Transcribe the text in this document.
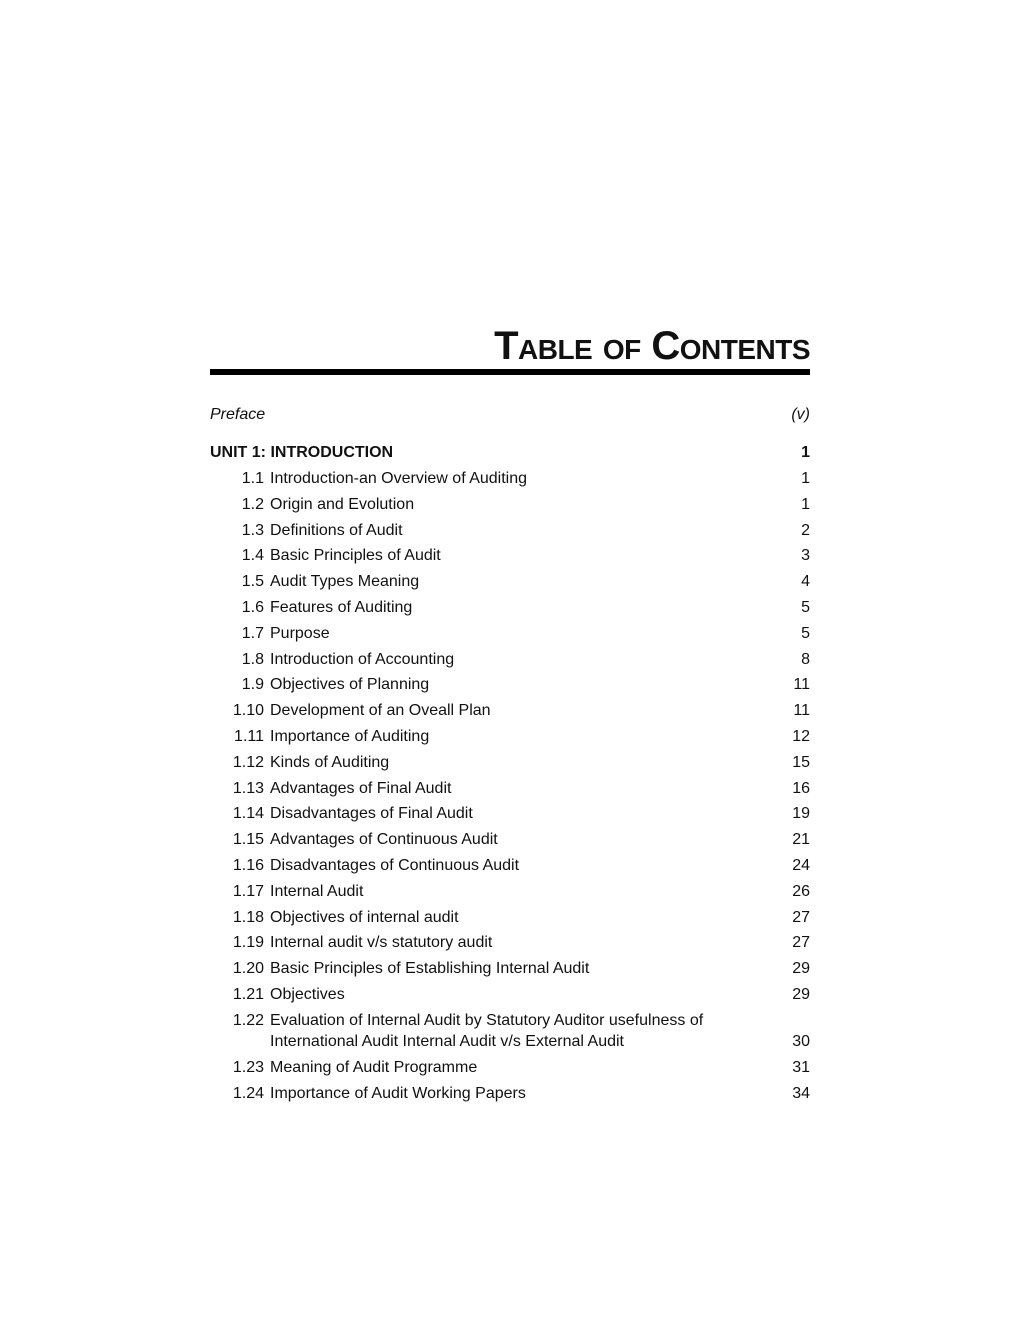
Table of Contents
Preface	(v)
UNIT 1: INTRODUCTION	1
1.1 Introduction-an Overview of Auditing	1
1.2 Origin and Evolution	1
1.3 Definitions of Audit	2
1.4 Basic Principles of Audit	3
1.5 Audit Types Meaning	4
1.6 Features of Auditing	5
1.7 Purpose	5
1.8 Introduction of Accounting	8
1.9 Objectives of Planning	11
1.10 Development of an Oveall Plan	11
1.11 Importance of Auditing	12
1.12 Kinds of Auditing	15
1.13 Advantages of Final Audit	16
1.14 Disadvantages of Final Audit	19
1.15 Advantages of Continuous Audit	21
1.16 Disadvantages of Continuous Audit	24
1.17 Internal Audit	26
1.18 Objectives of internal audit	27
1.19 Internal audit v/s statutory audit	27
1.20 Basic Principles of Establishing Internal Audit	29
1.21 Objectives	29
1.22 Evaluation of Internal Audit by Statutory Auditor usefulness of
International Audit Internal Audit v/s External Audit	30
1.23 Meaning of Audit Programme	31
1.24 Importance of Audit Working Papers	34
